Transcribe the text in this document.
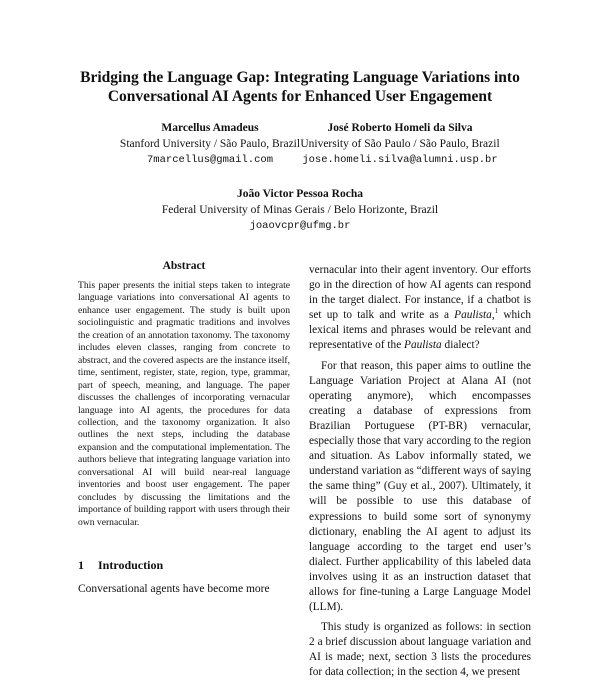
Bridging the Language Gap: Integrating Language Variations into
Conversational AI Agents for Enhanced User Engagement
Marcellus Amadeus
Stanford University / São Paulo, Brazil
7marcellus@gmail.com
José Roberto Homeli da Silva
University of São Paulo / São Paulo, Brazil
jose.homeli.silva@alumni.usp.br
João Victor Pessoa Rocha
Federal University of Minas Gerais / Belo Horizonte, Brazil
joaovcpr@ufmg.br
Abstract

This paper presents the initial steps taken to integrate language variations into conversational AI agents to enhance user engagement. The study is built upon sociolinguistic and pragmatic traditions and involves the creation of an annotation taxonomy. The taxonomy includes eleven classes, ranging from concrete to abstract, and the covered aspects are the instance itself, time, sentiment, register, state, region, type, grammar, part of speech, meaning, and language. The paper discusses the challenges of incorporating vernacular language into AI agents, the procedures for data collection, and the taxonomy organization. It also outlines the next steps, including the database expansion and the computational implementation. The authors believe that integrating language variation into conversational AI will build near-real language inventories and boost user engagement. The paper concludes by discussing the limitations and the importance of building rapport with users through their own vernacular.

1 Introduction

Conversational agents have become more

vernacular into their agent inventory. Our efforts go in the direction of how AI agents can respond in the target dialect. For instance, if a chatbot is set up to talk and write as a Paulista,$^1$ which lexical items and phrases would be relevant and representative of the Paulista dialect?

For that reason, this paper aims to outline the Language Variation Project at Alana AI (not operating anymore), which encompasses creating a database of expressions from Brazilian Portuguese (PT-BR) vernacular, especially those that vary according to the region and situation. As Labov informally stated, we understand variation as “different ways of saying the same thing” (Guy et al., 2007). Ultimately, it will be possible to use this database of expressions to build some sort of synonymy dictionary, enabling the AI agent to adjust its language according to the target end user’s dialect. Further applicability of this labeled data involves using it as an instruction dataset that allows for fine-tuning a Large Language Model (LLM).

This study is organized as follows: in section 2 a brief discussion about language variation and AI is made; next, section 3 lists the procedures for data collection; in the section 4, we present
